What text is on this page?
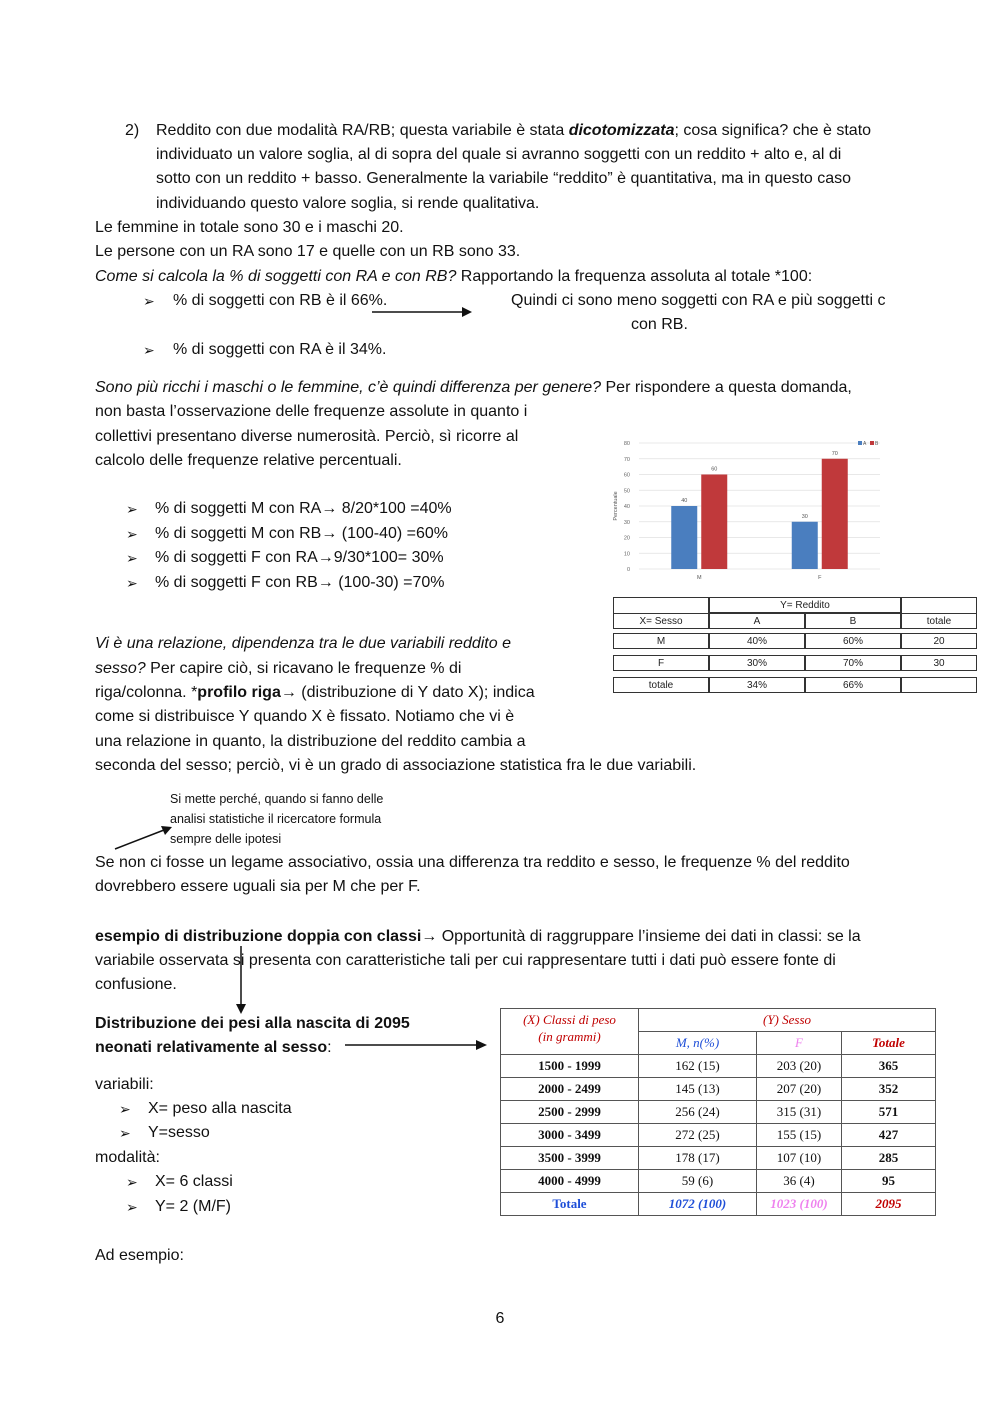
2) Reddito con due modalità RA/RB; questa variabile è stata dicotomizzata; cosa significa? che è stato
individuato un valore soglia, al di sopra del quale si avranno soggetti con un reddito + alto e, al di
sotto con un reddito + basso. Generalmente la variabile “reddito” è quantitativa, ma in questo caso
individuando questo valore soglia, si rende qualitativa.
Le femmine in totale sono 30 e i maschi 20.
Le persone con un RA sono 17 e quelle con un RB sono 33.
Come si calcola la % di soggetti con RA e con RB? Rapportando la frequenza assoluta al totale *100:
➢ % di soggetti con RB è il 66%.	Quindi ci sono meno soggetti con RA e più soggetti c
con RB.
➢ % di soggetti con RA è il 34%.
Sono più ricchi i maschi o le femmine, c’è quindi differenza per genere? Per rispondere a questa domanda,
non basta l’osservazione delle frequenze assolute in quanto i
collettivi presentano diverse numerosità. Perciò, sì ricorre al
calcolo delle frequenze relative percentuali.
➢ % di soggetti M con RA→ 8/20*100 =40%
➢ % di soggetti M con RB→ (100-40) =60%
➢ % di soggetti F con RA→9/30*100= 30%
➢ % di soggetti F con RB→ (100-30) =70%
0
10
20
30
40
50
60
70
80
Percentuale
M
40
60
F
30
70
A B
	Y= Reddito		
X= Sesso	A	B	totale

M	40%	60%	20

F	30%	70%	30

totale	34%	66%	
Vi è una relazione, dipendenza tra le due variabili reddito e
sesso? Per capire ciò, si ricavano le frequenze % di
riga/colonna. *profilo riga→ (distribuzione di Y dato X); indica
come si distribuisce Y quando X è fissato. Notiamo che vi è
una relazione in quanto, la distribuzione del reddito cambia a
seconda del sesso; perciò, vi è un grado di associazione statistica fra le due variabili.
Si mette perché, quando si fanno delle
analisi statistiche il ricercatore formula
sempre delle ipotesi
Se non ci fosse un legame associativo, ossia una differenza tra reddito e sesso, le frequenze % del reddito
dovrebbero essere uguali sia per M che per F.
esempio di distribuzione doppia con classi→ Opportunità di raggruppare l’insieme dei dati in classi: se la
variabile osservata si presenta con caratteristiche tali per cui rappresentare tutti i dati può essere fonte di
confusione.
Distribuzione dei pesi alla nascita di 2095
neonati relativamente al sesso:
variabili:
➢ X= peso alla nascita
➢ Y=sesso
modalità:
➢ X= 6 classi
➢ Y= 2 (M/F)
Ad esempio:
(X) Classi di peso
(in grammi)	(Y) Sesso		
	M, n(%)	F	Totale
1500 - 1999	162 (15)	203 (20)	365
2000 - 2499	145 (13)	207 (20)	352
2500 - 2999	256 (24)	315 (31)	571
3000 - 3499	272 (25)	155 (15)	427
3500 - 3999	178 (17)	107 (10)	285
4000 - 4999	59 (6)	36 (4)	95
Totale	1072 (100)	1023 (100)	2095
6
